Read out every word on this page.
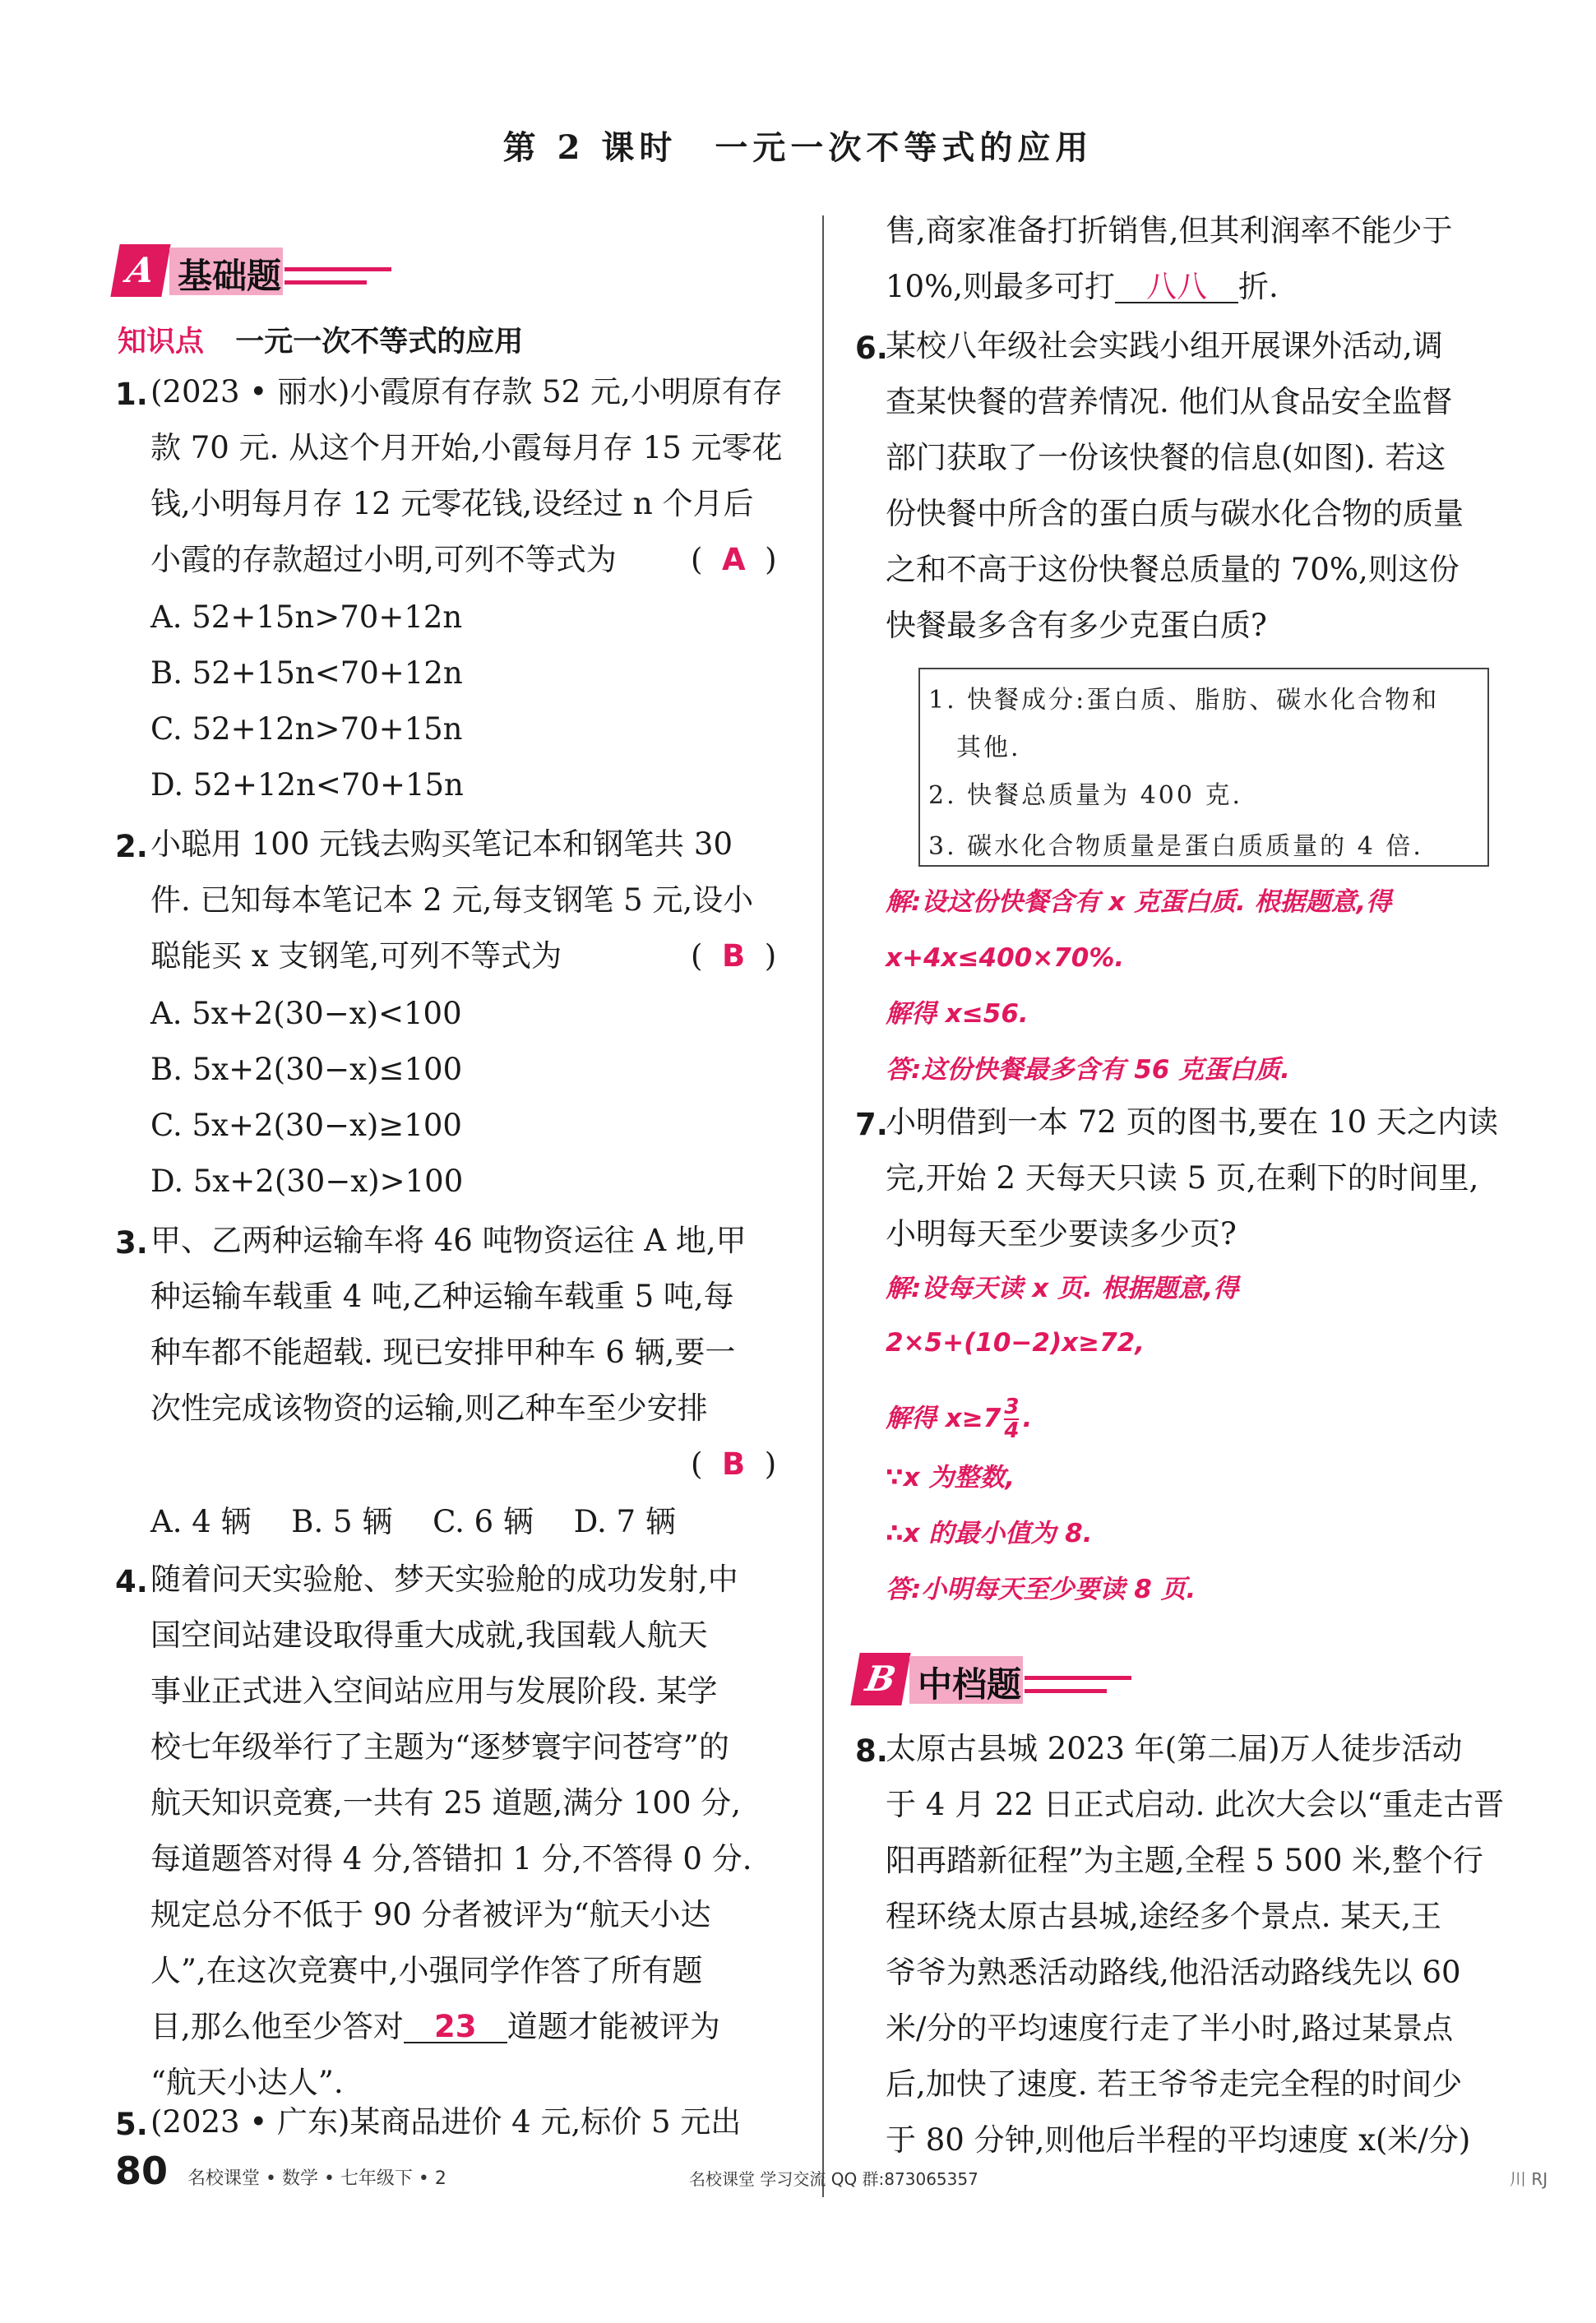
第 2 课时　一元一次不等式的应用
A 基础题
知识点 一元一次不等式的应用
1. (2023 • 丽水)小霞原有存款 52 元,小明原有存
款 70 元. 从这个月开始,小霞每月存 15 元零花
钱,小明每月存 12 元零花钱,设经过 n 个月后
小霞的存款超过小明,可列不等式为 (  A  )
A. 52+15n>70+12n
B. 52+15n<70+12n
C. 52+12n>70+15n
D. 52+12n<70+15n
2. 小聪用 100 元钱去购买笔记本和钢笔共 30
件. 已知每本笔记本 2 元,每支钢笔 5 元,设小
聪能买 x 支钢笔,可列不等式为	(  B  )
A. 5x+2(30−x)<100
B. 5x+2(30−x)≤100
C. 5x+2(30−x)≥100
D. 5x+2(30−x)>100
3. 甲、乙两种运输车将 46 吨物资运往 A 地,甲
种运输车载重 4 吨,乙种运输车载重 5 吨,每
种车都不能超载. 现已安排甲种车 6 辆,要一
次性完成该物资的运输,则乙种车至少安排
(  B  )
A. 4 辆　 B. 5 辆　 C. 6 辆　 D. 7 辆
4. 随着问天实验舱、梦天实验舱的成功发射,中
国空间站建设取得重大成就,我国载人航天
事业正式进入空间站应用与发展阶段. 某学
校七年级举行了主题为“逐梦寰宇问苍穹”的
航天知识竞赛,一共有 25 道题,满分 100 分,
每道题答对得 4 分,答错扣 1 分,不答得 0 分.
规定总分不低于 90 分者被评为“航天小达
人”,在这次竞赛中,小强同学作答了所有题
目,那么他至少答对 23 道题才能被评为
“航天小达人”.
5. (2023 • 广东)某商品进价 4 元,标价 5 元出
售,商家准备打折销售,但其利润率不能少于
10%,则最多可打 八八 折.
6.
某校八年级社会实践小组开展课外活动,调
查某快餐的营养情况. 他们从食品安全监督
部门获取了一份该快餐的信息(如图). 若这
份快餐中所含的蛋白质与碳水化合物的质量
之和不高于这份快餐总质量的 70%,则这份
快餐最多含有多少克蛋白质?
1. 快餐成分:蛋白质、脂肪、碳水化合物和
其他.
2. 快餐总质量为 400 克.
3. 碳水化合物质量是蛋白质质量的 4 倍.
解:设这份快餐含有 x 克蛋白质. 根据题意,得
x+4x≤400×70%.
解得 x≤56.
答:这份快餐最多含有 56 克蛋白质.
7.
小明借到一本 72 页的图书,要在 10 天之内读
完,开始 2 天每天只读 5 页,在剩下的时间里,
小明每天至少要读多少页?
解:设每天读 x 页. 根据题意,得
2×5+(10−2)x≥72,
解得 $x\ge 7 \frac{3}{4}$ .
∵x 为整数,
∴x 的最小值为 8.
答:小明每天至少要读 8 页.
B 中档题
8.
太原古县城 2023 年(第二届)万人徒步活动
于 4 月 22 日正式启动. 此次大会以“重走古晋
阳再踏新征程”为主题,全程 5 500 米,整个行
程环绕太原古县城,途经多个景点. 某天,王
爷爷为熟悉活动路线,他沿活动路线先以 60
米/分的平均速度行走了半小时,路过某景点
后,加快了速度. 若王爷爷走完全程的时间少
于 80 分钟,则他后半程的平均速度 x(米/分)
80 名校课堂 • 数学 • 七年级下 • 2	名校课堂 学习交流 QQ 群:873065357	川 RJ
